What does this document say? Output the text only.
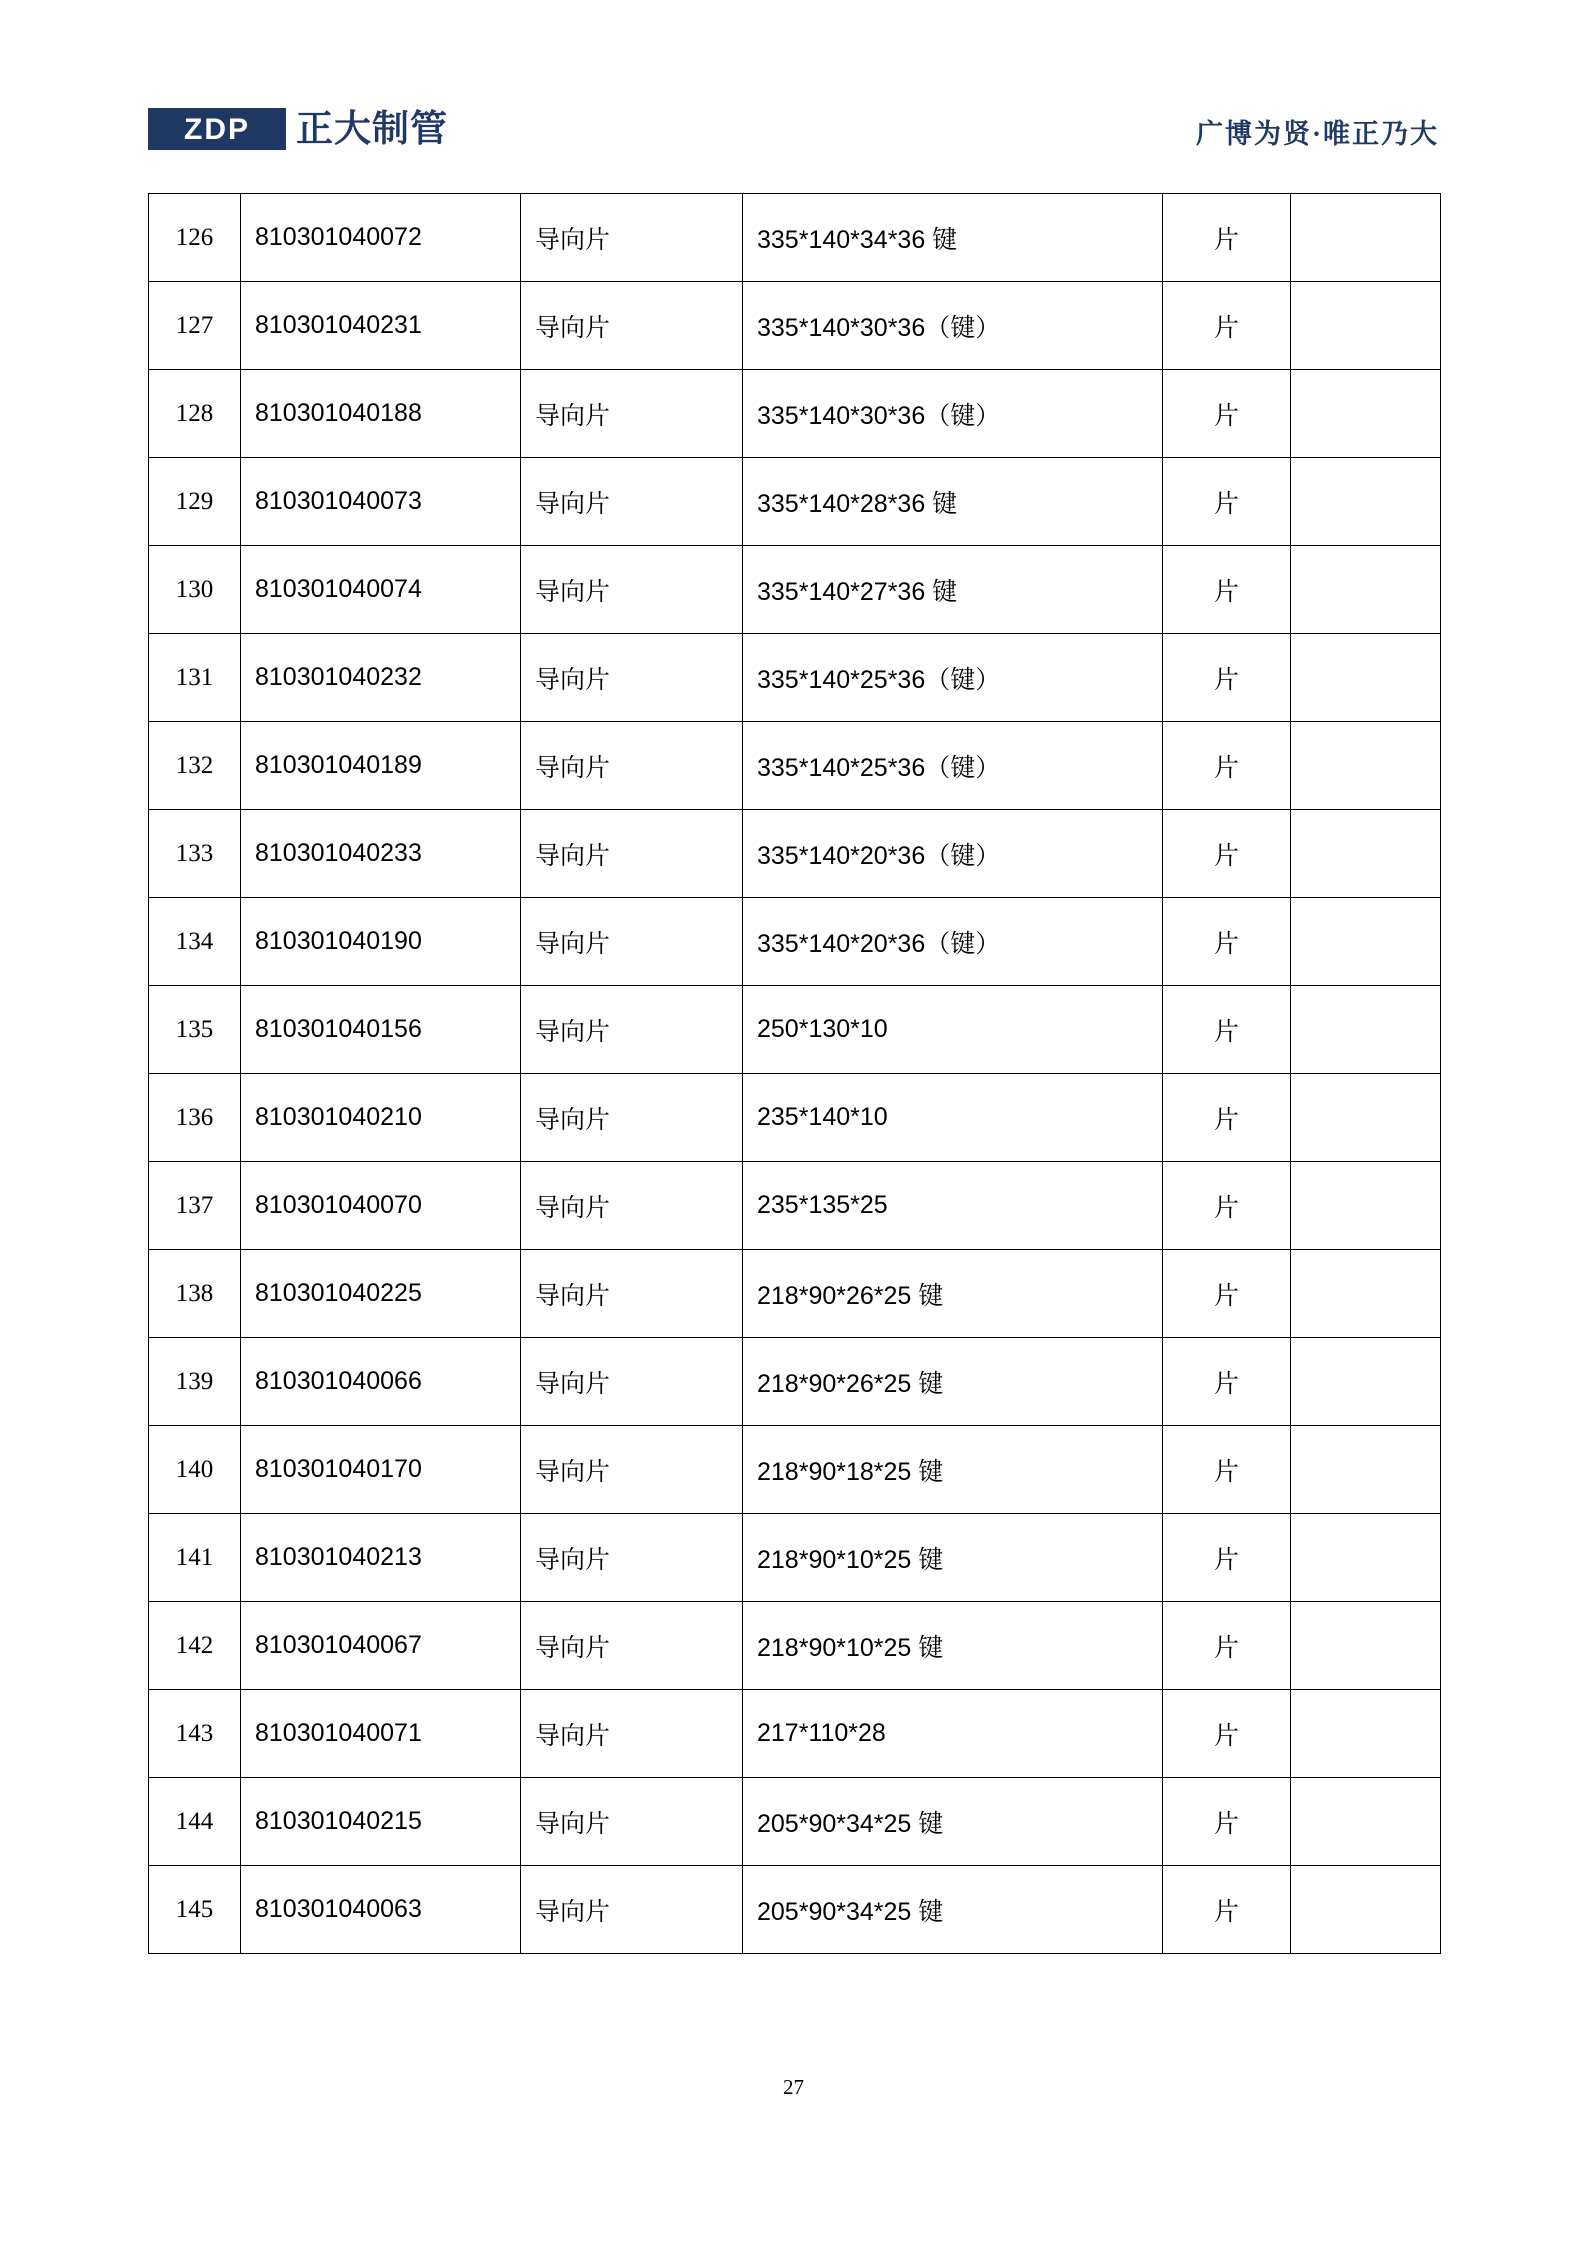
ZDP 正大制管	广博为贤·唯正乃大
126	810301040072	导向片	335*140*34*36 键	片	
127	810301040231	导向片	335*140*30*36（键）	片	
128	810301040188	导向片	335*140*30*36（键）	片	
129	810301040073	导向片	335*140*28*36 键	片	
130	810301040074	导向片	335*140*27*36 键	片	
131	810301040232	导向片	335*140*25*36（键）	片	
132	810301040189	导向片	335*140*25*36（键）	片	
133	810301040233	导向片	335*140*20*36（键）	片	
134	810301040190	导向片	335*140*20*36（键）	片	
135	810301040156	导向片	250*130*10	片	
136	810301040210	导向片	235*140*10	片	
137	810301040070	导向片	235*135*25	片	
138	810301040225	导向片	218*90*26*25 键	片	
139	810301040066	导向片	218*90*26*25 键	片	
140	810301040170	导向片	218*90*18*25 键	片	
141	810301040213	导向片	218*90*10*25 键	片	
142	810301040067	导向片	218*90*10*25 键	片	
143	810301040071	导向片	217*110*28	片	
144	810301040215	导向片	205*90*34*25 键	片	
145	810301040063	导向片	205*90*34*25 键	片	
27
